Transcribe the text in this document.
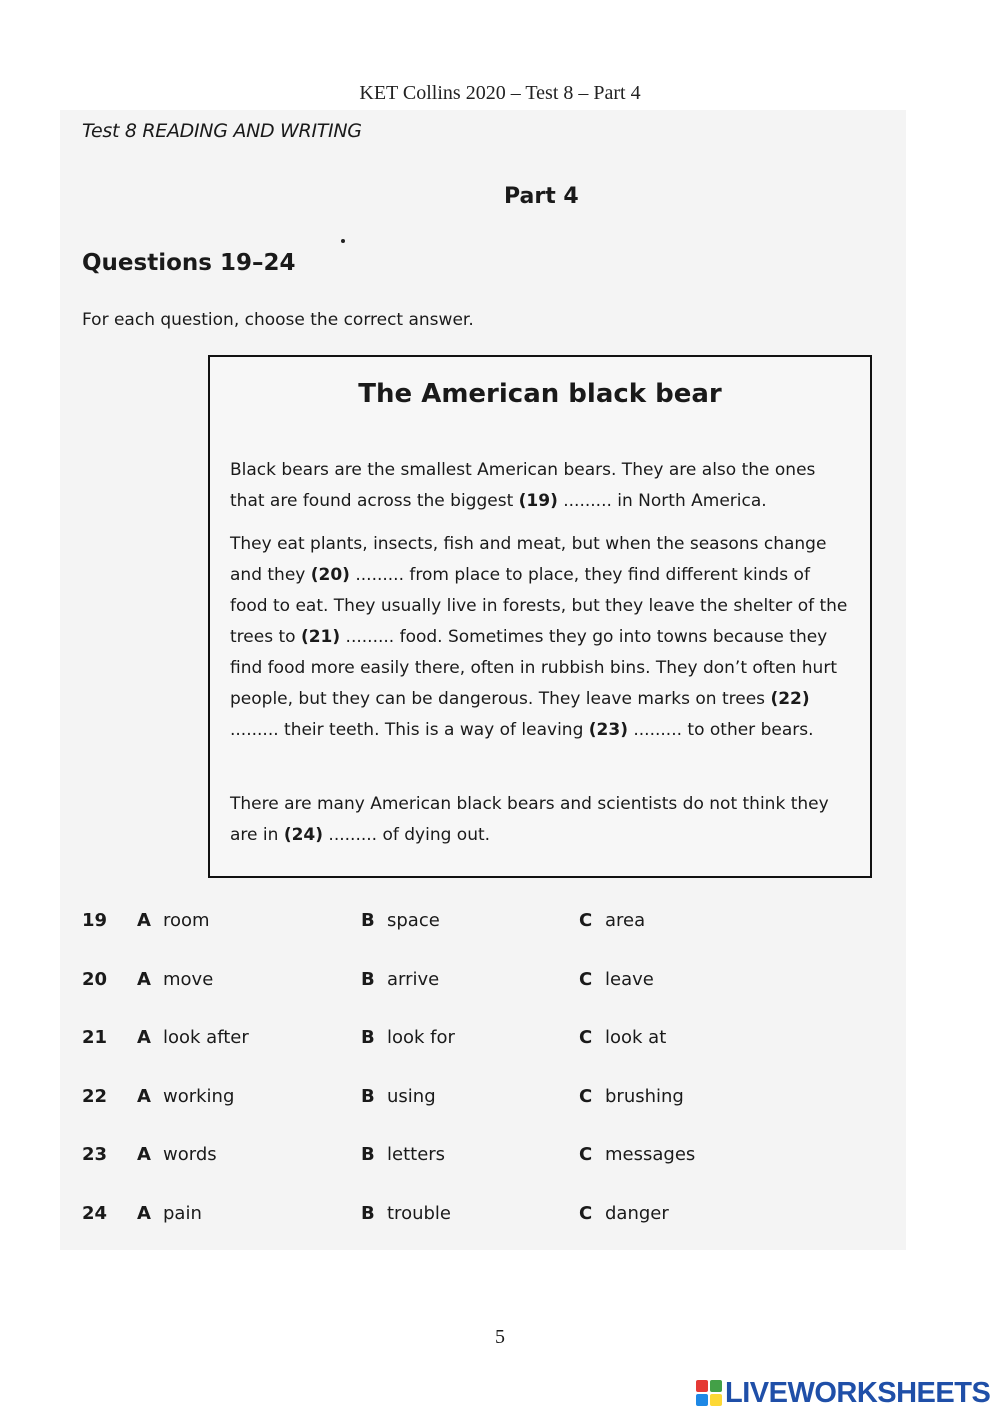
KET Collins 2020 – Test 8 – Part 4
Test 8 READING AND WRITING
Part 4
Questions 19–24
For each question, choose the correct answer.
The American black bear

Black bears are the smallest American bears. They are also the ones that are found across the biggest (19) ......... in North America.

They eat plants, insects, fish and meat, but when the seasons change and they (20) ......... from place to place, they find different kinds of food to eat. They usually live in forests, but they leave the shelter of the trees to (21) ......... food. Sometimes they go into towns because they find food more easily there, often in rubbish bins. They don’t often hurt people, but they can be dangerous. They leave marks on trees (22) ......... their teeth. This is a way of leaving (23) ......... to other bears.

There are many American black bears and scientists do not think they are in (24) ......... of dying out.

19 A room	B space	C area
20 A move	B arrive	C leave
21 A look after	B look for	C look at
22 A working	B using	C brushing
23 A words	B letters	C messages
24 A pain	B trouble	C danger
5
LIVEWORKSHEETS
